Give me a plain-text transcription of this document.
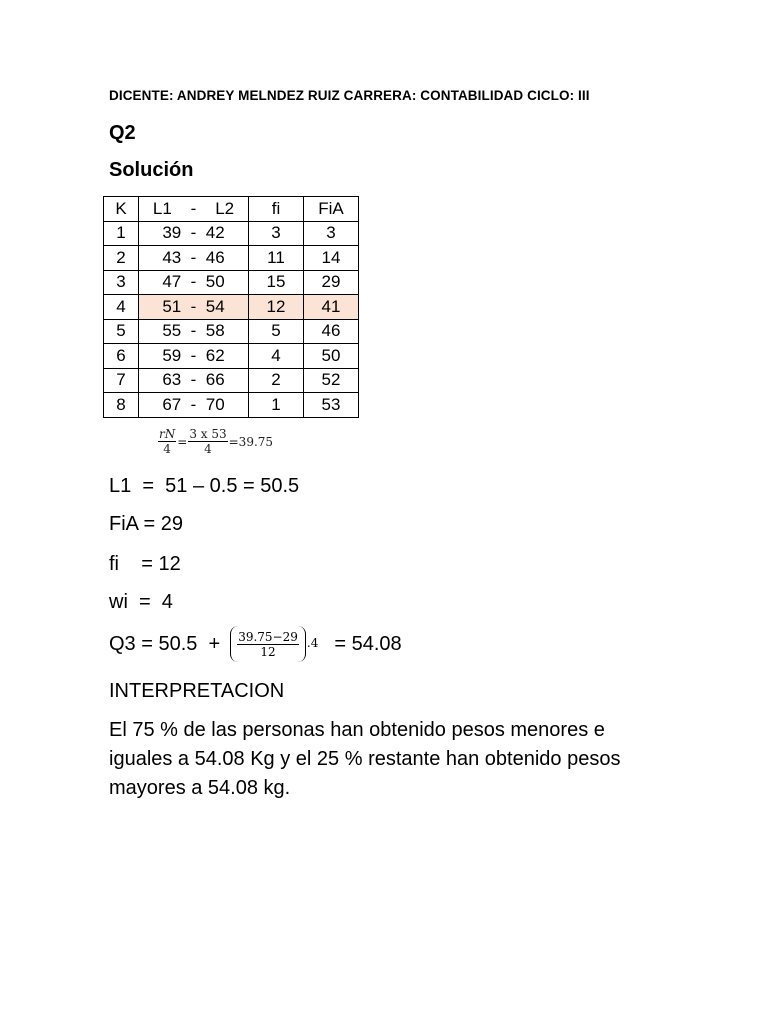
DICENTE: ANDREY MELNDEZ RUIZ CARRERA: CONTABILIDAD CICLO: III
Q2
Solución
K	L1    -    L2	fi	FiA
1	39  -  42	3	3
2	43  -  46	11	14
3	47  -  50	15	29
4	51  -  54	12	41
5	55  -  58	5	46
6	59  -  62	4	50
7	63  -  66	2	52
8	67  -  70	1	53
$\frac{rN}{4} = \frac{3 x 53}{4} =39.75$
L1  =  51 – 0.5 = 50.5
FiA = 29
fi    = 12
wi  =  4
$Q3 = 50.5 + \frac{39.75-29}{12} .4 = 54.08$
INTERPRETACION
El 75 % de las personas han obtenido pesos menores e iguales a 54.08 Kg y el 25 % restante han obtenido pesos mayores a 54.08 kg.
